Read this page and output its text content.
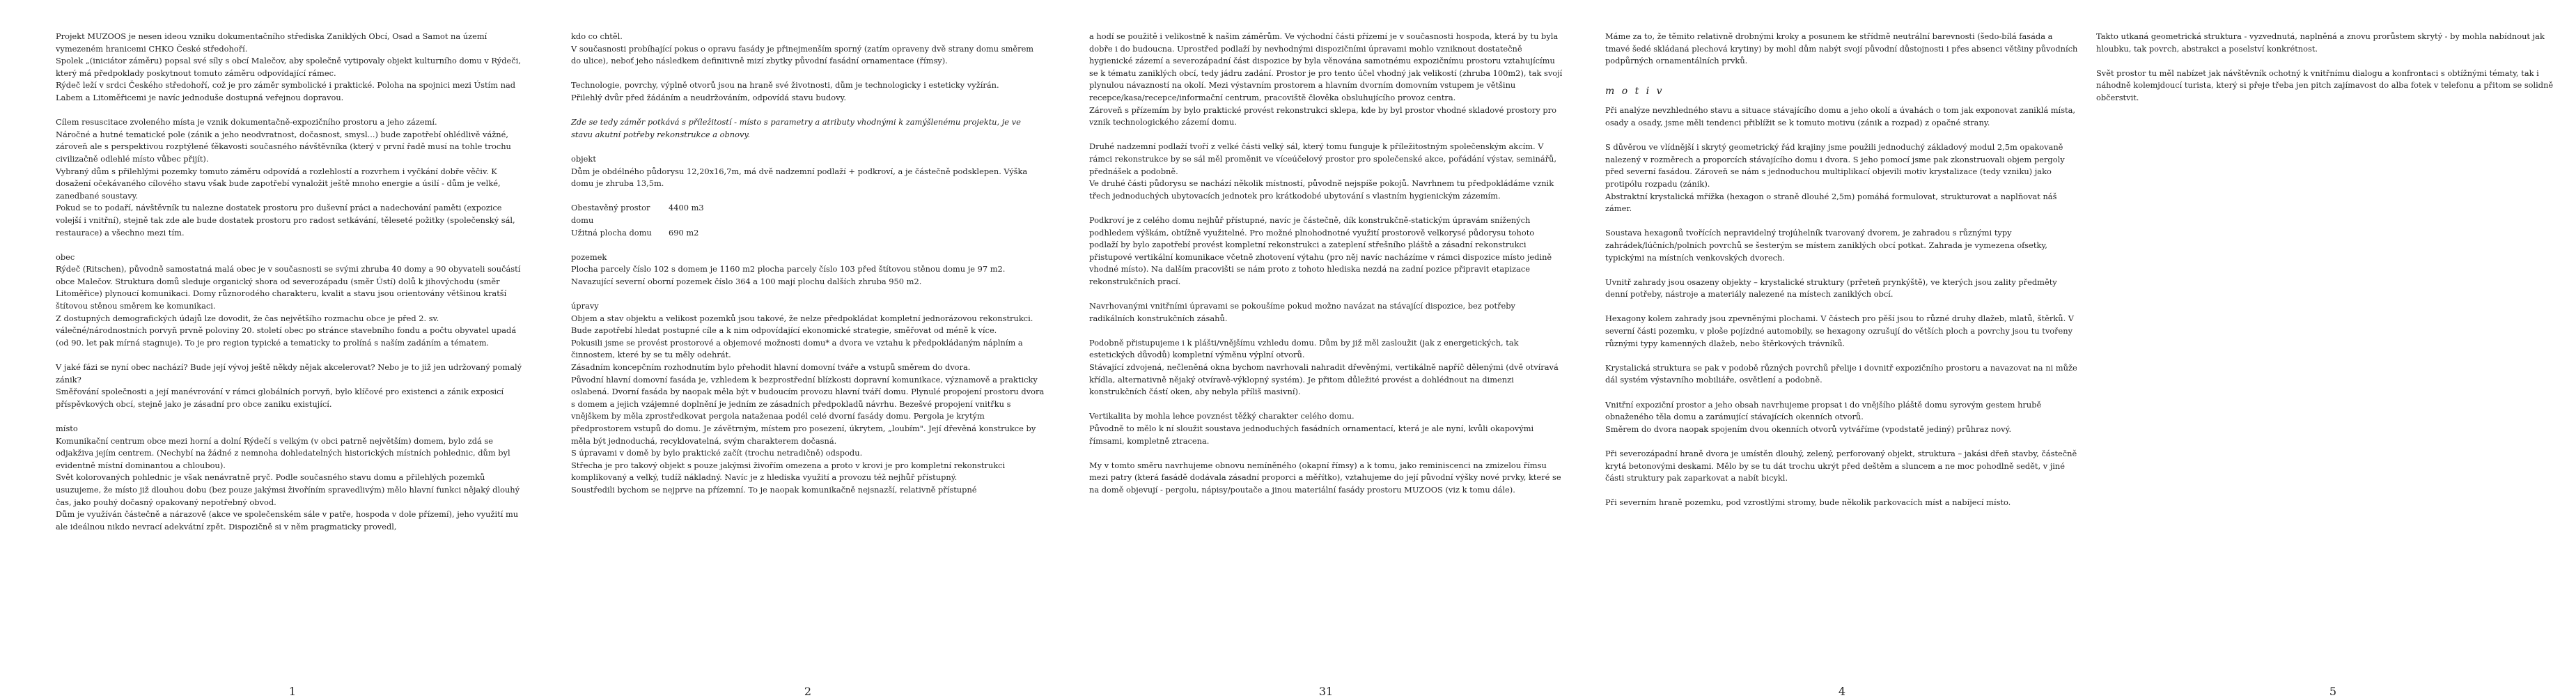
Projekt MUZOOS je nesen ideou vzniku dokumentačního střediska Zaniklých Obcí, Osad a Samot na území vymezeném hranicemi CHKO České středohoří.
Spolek „(iniciátor záměru) popsal své síly s obcí Malečov, aby společně vytipovaly objekt kulturního domu v Rýdeči, který má předpoklady poskytnout tomuto záměru odpovídající rámec.
Rýdeč leží v srdci Českého středohoří, což je pro záměr symbolické i praktické. Poloha na spojnici mezi Ústím nad Labem a Litoměřicemi je navíc jednoduše dostupná veřejnou dopravou.

Cílem resuscitace zvoleného místa je vznik dokumentačně-expozičního prostoru a jeho zázemí.
Náročné a hutné tematické pole (zánik a jeho neodvratnost, dočasnost, smysl...) bude zapotřebí ohlédlivě vážné, zároveň ale s perspektivou rozptýlené ťěkavosti současného návštěvníka (který v první řadě musí na tohle trochu civilizačně odlehlé místo vůbec přijít).
Vybraný dům s přilehlými pozemky tomuto záměru odpovídá a rozlehlostí a rozvrhem i vyčkání dobře věčiv. K dosažení očekávaného cílového stavu však bude zapotřebí vynaložit ještě mnoho energie a úsilí - dům je velké, zanedbané soustavy.
Pokud se to podaří, návštěvník tu nalezne dostatek prostoru pro duševní práci a nadechování paměti (expozice volejší i vnitřní), stejně tak zde ale bude dostatek prostoru pro radost setkávání, těleseté požitky (společenský sál, restaurace) a všechno mezi tím.

obec
Rýdeč (Ritschen), původně samostatná malá obec je v současnosti se svými zhruba 40 domy a 90 obyvateli součástí obce Malečov. Struktura domů sleduje organický shora od severozápadu (směr Ústí) dolů k jihovýchodu (směr Litoměřice) plynoucí komunikaci. Domy různorodého charakteru, kvalit a stavu jsou orientovány většinou kratší štítovou stěnou směrem ke komunikaci.
Z dostupných demografických údajů lze dovodit, že čas největšího rozmachu obce je před 2. sv. válečné/národnostních porvyň prvně poloviny 20. století obec po stránce stavebního fondu a počtu obyvatel upadá (od 90. let pak mírná stagnuje). To je pro region typické a tematicky to prolíná s naším zadáním a tématem.

V jaké fázi se nyní obec nachází? Bude její vývoj ještě někdy nějak akcelerovat? Nebo je to již jen udržovaný pomalý zánik?
Směřování společnosti a její manévrování v rámci globálních porvyň, bylo klíčové pro existenci a zánik exposicí příspěvkových obcí, stejně jako je zásadní pro obce zaniku existující.

místo
Komunikační centrum obce mezi horní a dolní Rýdečí s velkým (v obci patrně největším) domem, bylo zdá se odjakživa jejím centrem. (Nechybí na žádné z nemnoha dohledatelných historických místních pohlednic, dům byl evidentně místní dominantou a chloubou).
Svět kolorovaných pohlednic je však nenávratně pryč. Podle současného stavu domu a přilehlých pozemků usuzujeme, že místo již dlouhou dobu (bez pouze jakýmsi živoříním spravedlivým) mělo hlavní funkci nějaký dlouhý čas, jako pouhý dočasný opakovaný nepotřebný obvod.
Dům je využíván částečně a nárazově (akce ve společenském sále v patře, hospoda v dole přízemí), jeho využití mu ale ideálnou nikdo nevrací adekvátní zpět. Dispozičně si v něm pragmaticky provedl,

1

kdo co chtěl.
V současnosti probíhající pokus o opravu fasády je přinejmenším sporný (zatím opraveny dvě strany domu směrem do ulice), neboť jeho následkem definitivně mizí zbytky původní fasádní ornamentace (římsy).

Technologie, povrchy, výplně otvorů jsou na hraně své životnosti, dům je technologicky i esteticky vyžírán.
Přilehlý dvůr před žádáním a neudržováním, odpovídá stavu budovy.

Zde se tedy záměr potkává s příležitostí - místo s parametry a atributy vhodnými k zamýšlenému projektu, je ve stavu akutní potřeby rekonstrukce a obnovy.

objekt
Dům je obdélného půdorysu 12,20x16,7m, má dvě nadzemní podlaží + podkroví, a je částečně podsklepen. Výška domu je zhruba 13,5m.

Obestavěný prostor domu
4400 m3
Užitná plocha domu	690 m2

pozemek
Plocha parcely číslo 102 s domem je 1160 m2 plocha parcely číslo 103 před štítovou stěnou domu je 97 m2. Navazující severní oborní pozemek číslo 364 a 100 mají plochu dalších zhruba 950 m2.

úpravy
Objem a stav objektu a velikost pozemků jsou takové, že nelze předpokládat kompletní jednorázovou rekonstrukci. Bude zapotřebí hledat postupné cíle a k nim odpovídající ekonomické strategie, směřovat od méně k více.
Pokusili jsme se provést prostorové a objemové možnosti domu* a dvora ve vztahu k předpokládaným náplním a činnostem, které by se tu měly odehrát.
Zásadním koncepčním rozhodnutím bylo přehodit hlavní domovní tváře a vstupů směrem do dvora.
Původní hlavní domovní fasáda je, vzhledem k bezprostřední blízkosti dopravní komunikace, významově a prakticky oslabená. Dvorní fasáda by naopak měla být v budoucím provozu hlavní tváří domu. Plynulé propojení prostoru dvora s domem a jejich vzájemné doplnění je jedním ze zásadních předpokladů návrhu. Bezešvé propojení vnitřku s vnějškem by měla zprostředkovat pergola nataženaa podél celé dvorní fasády domu. Pergola je krytým předprostorem vstupů do domu. Je závětrným, místem pro posezení, úkrytem, „loubím". Její dřevěná konstrukce by měla být jednoduchá, recyklovatelná, svým charakterem dočasná.
S úpravami v domě by bylo praktické začít (trochu netradičně) odspodu.
Střecha je pro takový objekt s pouze jakýmsi živořím omezena a proto v krovi je pro kompletní rekonstrukci komplikovaný a velký, tudíž nákladný. Navíc je z hlediska využití a provozu též nejhůř přístupný.
Soustředili bychom se nejprve na přízemní. To je naopak komunikačně nejsnazší, relativně přístupné

2

a hodí se použitě i velikostně k našim záměrům. Ve východní části přízemí je v současnosti hospoda, která by tu byla dobře i do budoucna. Uprostřed podlaží by nevhodnými dispozičními úpravami mohlo vzniknout dostatečně hygienické zázemí a severozápadní část dispozice by byla věnována samotnému expozičnímu prostoru vztahujícímu se k tématu zaniklých obcí, tedy jádru zadání. Prostor je pro tento účel vhodný jak velikostí (zhruba 100m2), tak svojí plynulou návazností na okolí. Mezi výstavním prostorem a hlavním dvorním domovním vstupem je většinu recepce/kasa/recepce/informační centrum, pracoviště člověka obsluhujícího provoz centra.
Zároveň s přízemím by bylo praktické provést rekonstrukci sklepa, kde by byl prostor vhodné skladové prostory pro vznik technologického zázemí domu.

Druhé nadzemní podlaží tvoří z velké části velký sál, který tomu funguje k příležitostným společenským akcím. V rámci rekonstrukce by se sál měl proměnit ve víceúčelový prostor pro společenské akce, pořádání výstav, seminářů, přednášek a podobně.
Ve druhé části půdorysu se nachází několik místností, původně nejspíše pokojů. Navrhnem tu předpokládáme vznik třech jednoduchých ubytovacích jednotek pro krátkodobé ubytování s vlastním hygienickým zázemím.

Podkroví je z celého domu nejhůř přístupné, navíc je částečně, dík konstrukčně-statickým úpravám snížených podhledem výškám, obtížně využitelné. Pro možné plnohodnotné využití prostorově velkorysé půdorysu tohoto podlaží by bylo zapotřebí provést kompletní rekonstrukci a zateplení střešního pláště a zásadní rekonstrukci přistupové vertikální komunikace včetně zhotovení výtahu (pro něj navíc nacházíme v rámci dispozice místo jedině vhodné místo). Na dalším pracovišti se nám proto z tohoto hlediska nezdá na zadní pozice připravit etapizace rekonstrukčních prací.

Navrhovanými vnitřními úpravami se pokoušíme pokud možno navázat na stávající dispozice, bez potřeby radikálních konstrukčních zásahů.

Podobně přistupujeme i k plášti/vnějšímu vzhledu domu. Dům by již měl zasloužit (jak z energetických, tak estetických důvodů) kompletní výměnu výplní otvorů.
Stávající zdvojená, nečleněná okna bychom navrhovali nahradit dřevěnými, vertikálně napříč dělenými (dvě otvíravá křídla, alternativně nějaký otvíravě-výklopný systém). Je přitom důležité provést a dohlédnout na dimenzi konstrukčních částí oken, aby nebyla příliš masivní).

Vertikalita by mohla lehce povznést těžký charakter celého domu.
Původně to mělo k ní sloužit soustava jednoduchých fasádních ornamentací, která je ale nyní, kvůli okapovými římsami, kompletně ztracena.

My v tomto směru navrhujeme obnovu nemíněného (okapní římsy) a k tomu, jako reminiscenci na zmizelou římsu mezi patry (která fasádě dodávala zásadní proporci a měřítko), vztahujeme do její původní výšky nové prvky, které se na domě objevují - pergolu, nápisy/poutače a jinou materiální fasády prostoru MUZOOS (viz k tomu dále).

31

Máme za to, že těmito relativně drobnými kroky a posunem ke střídmě neutrální barevnosti (šedo-bílá fasáda a tmavé šedé skládaná plechová krytiny) by mohl dům nabýt svojí původní důstojnosti i přes absenci většiny původních podpůrných ornamentálních prvků.

m o t i v

Při analýze nevzhledného stavu a situace stávajícího domu a jeho okolí a úvahách o tom jak exponovat zaniklá místa, osady a osady, jsme měli tendenci přiblížit se k tomuto motivu (zánik a rozpad) z opačné strany.

S důvěrou ve vlídnější i skrytý geometrický řád krajiny jsme použili jednoduchý základový modul 2,5m opakovaně nalezený v rozměrech a proporcích stávajícího domu i dvora. S jeho pomocí jsme pak zkonstruovali objem pergoly před severní fasádou. Zároveň se nám s jednoduchou multiplikací objevili motiv krystalizace (tedy vzniku) jako protipólu rozpadu (zánik).
Abstraktní krystalická mřížka (hexagon o straně dlouhé 2,5m) pomáhá formulovat, strukturovat a naplňovat náš zámer.

Soustava hexagonů tvořících nepravidelný trojúhelník tvarovaný dvorem, je zahradou s různými typy zahrádek/lúčních/polních povrchů se šesterým se místem zaniklých obcí potkat. Zahrada je vymezena ofsetky, typickými na místních venkovských dvorech.

Uvnitř zahrady jsou osazeny objekty – krystalické struktury (prřeteň prynkýště), ve kterých jsou zality předměty denní potřeby, nástroje a materiály nalezené na místech zaniklých obcí.

Hexagony kolem zahrady jsou zpevněnými plochami. V částech pro pěší jsou to různé druhy dlažeb, mlatů, štěrků. V severní části pozemku, v ploše pojízdné automobily, se hexagony ozrušují do větších ploch a povrchy jsou tu tvořeny různými typy kamenných dlažeb, nebo štěrkových trávníků.

Krystalická struktura se pak v podobě různých povrchů přelije i dovnitř expozičního prostoru a navazovat na ni může dál systém výstavního mobiliáře, osvětlení a podobně.

Vnitřní expoziční prostor a jeho obsah navrhujeme propsat i do vnějšího pláště domu syrovým gestem hrubě obnaženého těla domu a zarámující stávajících okenních otvorů.
Směrem do dvora naopak spojením dvou okenních otvorů vytváříme (vpodstatě jediný) průhraz nový.

Při severozápadní hraně dvora je umístěn dlouhý, zelený, perforovaný objekt, struktura – jakási dřeň stavby, částečně krytá betonovými deskami. Mělo by se tu dát trochu ukrýt před deštěm a sluncem a ne moc pohodlně sedět, v jiné části struktury pak zaparkovat a nabít bicykl.

Při severním hraně pozemku, pod vzrostlými stromy, bude několik parkovacích míst a nabíjecí místo.

4

Takto utkaná geometrická struktura - vyzvednutá, naplněná a znovu prorůstem skrytý - by mohla nabídnout jak hloubku, tak povrch, abstrakci a poselství konkrétnost.

Svět prostor tu měl nabízet jak návštěvník ochotný k vnitřnímu dialogu a konfrontaci s obtížnými tématy, tak i náhodně kolemjdoucí turista, který si přeje třeba jen pitch zajímavost do alba fotek v telefonu a přitom se solidně občerstvit.

5
